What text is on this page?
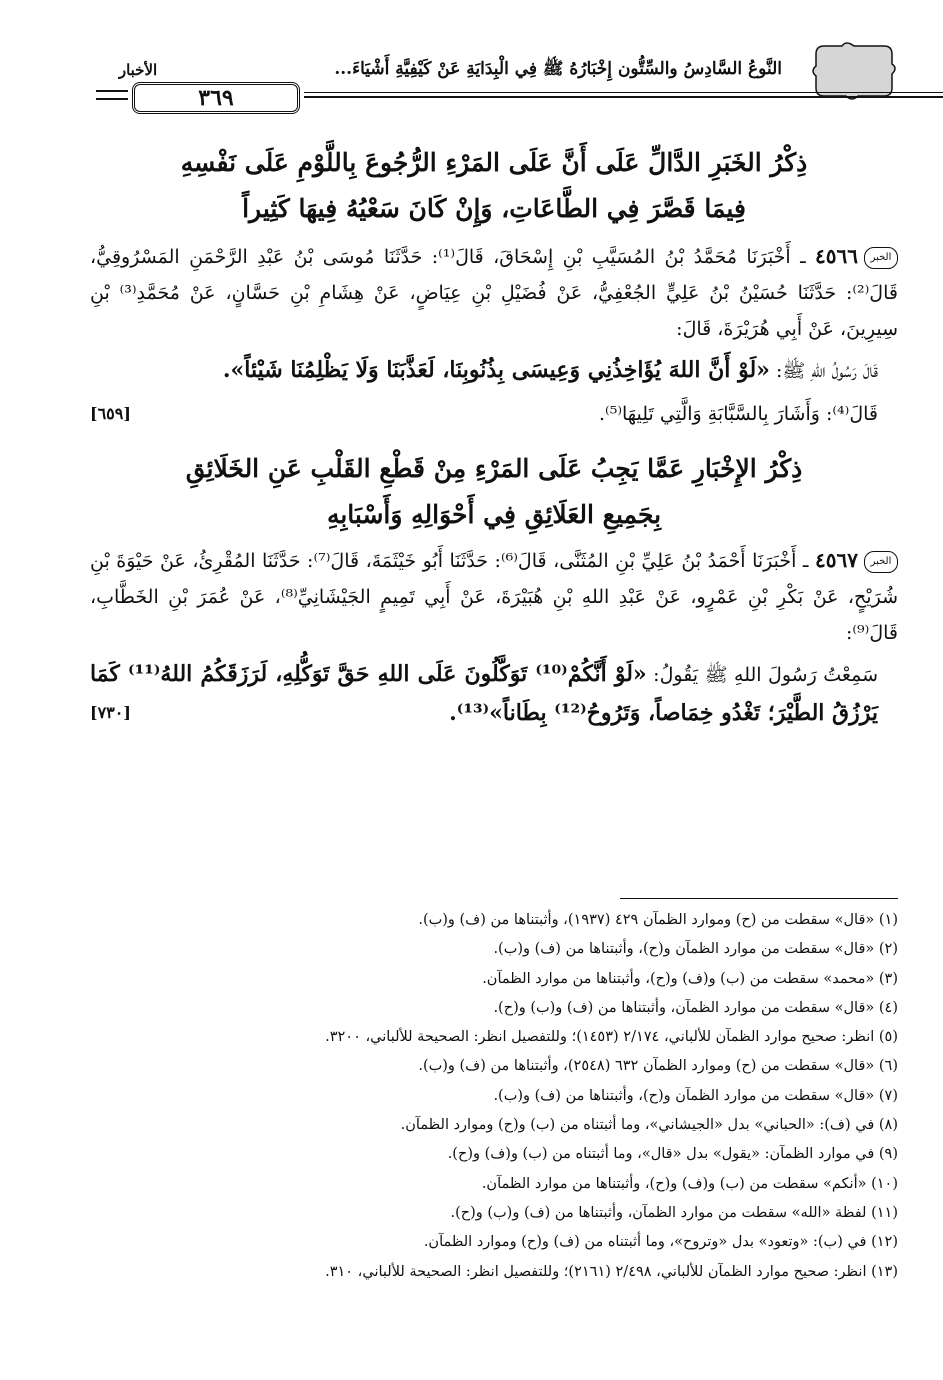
الأخبار	النَّوعُ السَّادِسُ والسِّتُّون إِخْبَارُهُ ﷺ فِي الْبِدَايَةِ عَنْ كَيْفِيَّةِ أَشْيَاءَ...
٣٦٩
ذِكْرُ الخَبَرِ الدَّالِّ عَلَى أَنَّ عَلَى المَرْءِ الرُّجُوعَ بِاللَّوْمِ عَلَى نَفْسِهِ
فِيمَا قَصَّرَ فِي الطَّاعَاتِ، وَإِنْ كَانَ سَعْيُهُ فِيهَا كَثِيراً
الخبر٤٥٦٦ ـ أَخْبَرَنَا مُحَمَّدُ بْنُ المُسَيَّبِ بْنِ إِسْحَاقَ، قَالَ⁽¹⁾: حَدَّثَنَا مُوسَى بْنُ عَبْدِ الرَّحْمَنِ المَسْرُوقِيُّ، قَالَ⁽²⁾: حَدَّثَنَا حُسَيْنُ بْنُ عَلِيٍّ الجُعْفِيُّ، عَنْ فُضَيْلِ بْنِ عِيَاضٍ، عَنْ هِشَامِ بْنِ حَسَّانٍ، عَنْ مُحَمَّدِ⁽³⁾ بْنِ سِيرِينَ، عَنْ أَبِي هُرَيْرَةَ، قَالَ:
قَالَ رَسُولُ اللهِ ﷺ: «لَوْ أَنَّ اللهَ يُؤَاخِذُنِي وَعِيسَى بِذُنُوبِنَا، لَعَذَّبَنَا وَلَا يَظْلِمُنَا شَيْئاً».
[٦٥٩]	قَالَ⁽⁴⁾: وَأَشَارَ بِالسَّبَّابَةِ وَالَّتِي تَلِيهَا⁽⁵⁾.
ذِكْرُ الإِخْبَارِ عَمَّا يَجِبُ عَلَى المَرْءِ مِنْ قَطْعِ القَلْبِ عَنِ الخَلَائِقِ
بِجَمِيعِ العَلَائِقِ فِي أَحْوَالِهِ وَأَسْبَابِهِ
الخبر٤٥٦٧ ـ أَخْبَرَنَا أَحْمَدُ بْنُ عَلِيِّ بْنِ المُثَنَّى، قَالَ⁽⁶⁾: حَدَّثَنَا أَبُو خَيْثَمَةَ، قَالَ⁽⁷⁾: حَدَّثَنَا المُقْرِئُ، عَنْ حَيْوَةَ بْنِ شُرَيْحٍ، عَنْ بَكْرِ بْنِ عَمْرٍو، عَنْ عَبْدِ اللهِ بْنِ هُبَيْرَةَ، عَنْ أَبِي تَمِيمٍ الجَيْشَانِيِّ⁽⁸⁾، عَنْ عُمَرَ بْنِ الخَطَّابِ، قَالَ⁽⁹⁾:
سَمِعْتُ رَسُولَ اللهِ ﷺ يَقُولُ: «لَوْ أَنَّكُمْ⁽¹⁰⁾ تَوَكَّلُونَ عَلَى اللهِ حَقَّ تَوَكُّلِهِ، لَرَزَقَكُمُ اللهُ⁽¹¹⁾ كَمَا يَرْزُقُ الطَّيْرَ؛ تَغْدُو خِمَاصاً، وَتَرُوحُ⁽¹²⁾ بِطَاناً»⁽¹³⁾.
[٧٣٠]
(١) «قال» سقطت من (ح) وموارد الظمآن ٤٢٩ (١٩٣٧)، وأثبتناها من (ف) و(ب).
(٢) «قال» سقطت من موارد الظمآن و(ح)، وأثبتناها من (ف) و(ب).
(٣) «محمد» سقطت من (ب) و(ف) و(ح)، وأثبتناها من موارد الظمآن.
(٤) «قال» سقطت من موارد الظمآن، وأثبتناها من (ف) و(ب) و(ح).
(٥) انظر: صحيح موارد الظمآن للألباني، ٢/١٧٤ (١٤٥٣)؛ وللتفصيل انظر: الصحيحة للألباني، ٣٢٠٠.
(٦) «قال» سقطت من (ح) وموارد الظمآن ٦٣٢ (٢٥٤٨)، وأثبتناها من (ف) و(ب).
(٧) «قال» سقطت من موارد الظمآن و(ح)، وأثبتناها من (ف) و(ب).
(٨) في (ف): «الحباني» بدل «الجيشاني»، وما أثبتناه من (ب) و(ح) وموارد الظمآن.
(٩) في موارد الظمآن: «يقول» بدل «قال»، وما أثبتناه من (ب) و(ف) و(ح).
(١٠) «أنكم» سقطت من (ب) و(ف) و(ح)، وأثبتناها من موارد الظمآن.
(١١) لفظة «الله» سقطت من موارد الظمآن، وأثبتناها من (ف) و(ب) و(ح).
(١٢) في (ب): «وتعود» بدل «وتروح»، وما أثبتناه من (ف) و(ح) وموارد الظمآن.
(١٣) انظر: صحيح موارد الظمآن للألباني، ٢/٤٩٨ (٢١٦١)؛ وللتفصيل انظر: الصحيحة للألباني، ٣١٠.
